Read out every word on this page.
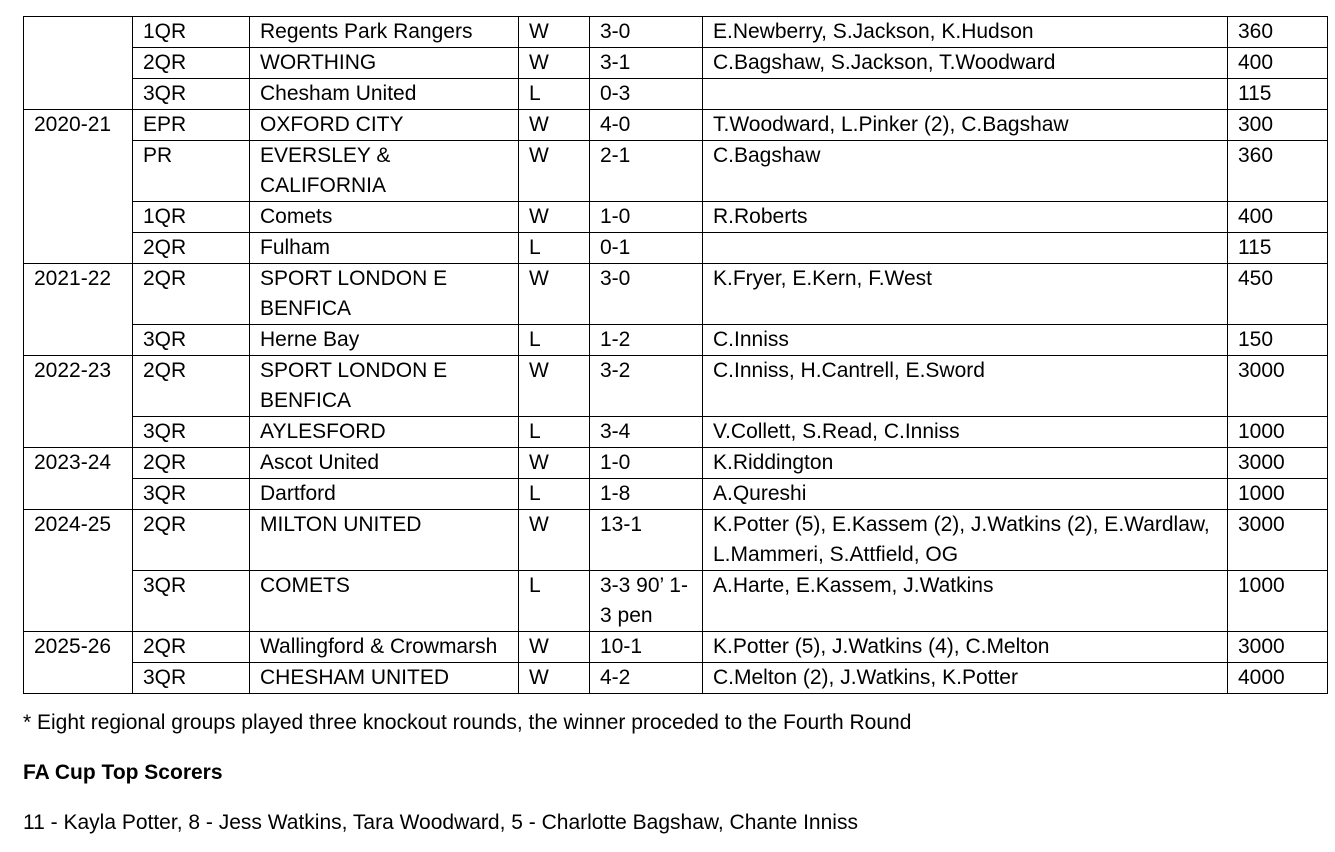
	1QR	Regents Park Rangers	W	3-0	E.Newberry, S.Jackson, K.Hudson	360
	2QR	WORTHING	W	3-1	C.Bagshaw, S.Jackson, T.Woodward	400
	3QR	Chesham United	L	0-3		115
2020-21	EPR	OXFORD CITY	W	4-0	T.Woodward, L.Pinker (2), C.Bagshaw	300
	PR	EVERSLEY & CALIFORNIA	W	2-1	C.Bagshaw	360
	1QR	Comets	W	1-0	R.Roberts	400
	2QR	Fulham	L	0-1		115
2021-22	2QR	SPORT LONDON E BENFICA	W	3-0	K.Fryer, E.Kern, F.West	450
	3QR	Herne Bay	L	1-2	C.Inniss	150
2022-23	2QR	SPORT LONDON E BENFICA	W	3-2	C.Inniss, H.Cantrell, E.Sword	3000
	3QR	AYLESFORD	L	3-4	V.Collett, S.Read, C.Inniss	1000
2023-24	2QR	Ascot United	W	1-0	K.Riddington	3000
	3QR	Dartford	L	1-8	A.Qureshi	1000
2024-25	2QR	MILTON UNITED	W	13-1	K.Potter (5), E.Kassem (2), J.Watkins (2), E.Wardlaw, L.Mammeri, S.Attfield, OG	3000
	3QR	COMETS	L	3-3 90’ 1-3 pen	A.Harte, E.Kassem, J.Watkins	1000
2025-26	2QR	Wallingford & Crowmarsh	W	10-1	K.Potter (5), J.Watkins (4), C.Melton	3000
	3QR	CHESHAM UNITED	W	4-2	C.Melton (2), J.Watkins, K.Potter	4000

* Eight regional groups played three knockout rounds, the winner proceded to the Fourth Round

FA Cup Top Scorers

11 - Kayla Potter, 8 - Jess Watkins, Tara Woodward, 5 - Charlotte Bagshaw, Chante Inniss
